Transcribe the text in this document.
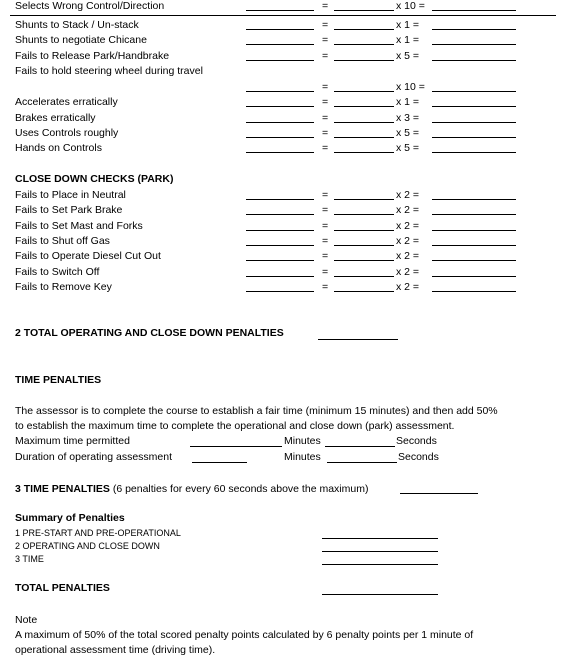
Selects Wrong Control/Direction	=	x 10 =
Shunts to Stack / Un-stack	=	x 1 =
Shunts to negotiate Chicane	=	x 1 =
Fails to Release Park/Handbrake	=	x 5 =
Fails to hold steering wheel during travel
=	x 10 =
Accelerates erratically	=	x 1 =
Brakes erratically	=	x 3 =
Uses Controls roughly	=	x 5 =
Hands on Controls	=	x 5 =
CLOSE DOWN CHECKS (PARK)
Fails to Place in Neutral	=	x 2 =
Fails to Set Park Brake	=	x 2 =
Fails to Set Mast and Forks	=	x 2 =
Fails to Shut off Gas	=	x 2 =
Fails to Operate Diesel Cut Out	=	x 2 =
Fails to Switch Off	=	x 2 =
Fails to Remove Key	=	x 2 =
2 TOTAL OPERATING AND CLOSE DOWN PENALTIES
TIME PENALTIES
The assessor is to complete the course to establish a fair time (minimum 15 minutes) and then add 50%
to establish the maximum time to complete the operational and close down (park) assessment.
Maximum time permitted	Minutes	Seconds
Duration of operating assessment	Minutes	Seconds
3 TIME PENALTIES (6 penalties for every 60 seconds above the maximum)
Summary of Penalties
1 PRE-START AND PRE-OPERATIONAL
2 OPERATING AND CLOSE DOWN
3 TIME
TOTAL PENALTIES
Note
A maximum of 50% of the total scored penalty points calculated by 6 penalty points per 1 minute of
operational assessment time (driving time).
